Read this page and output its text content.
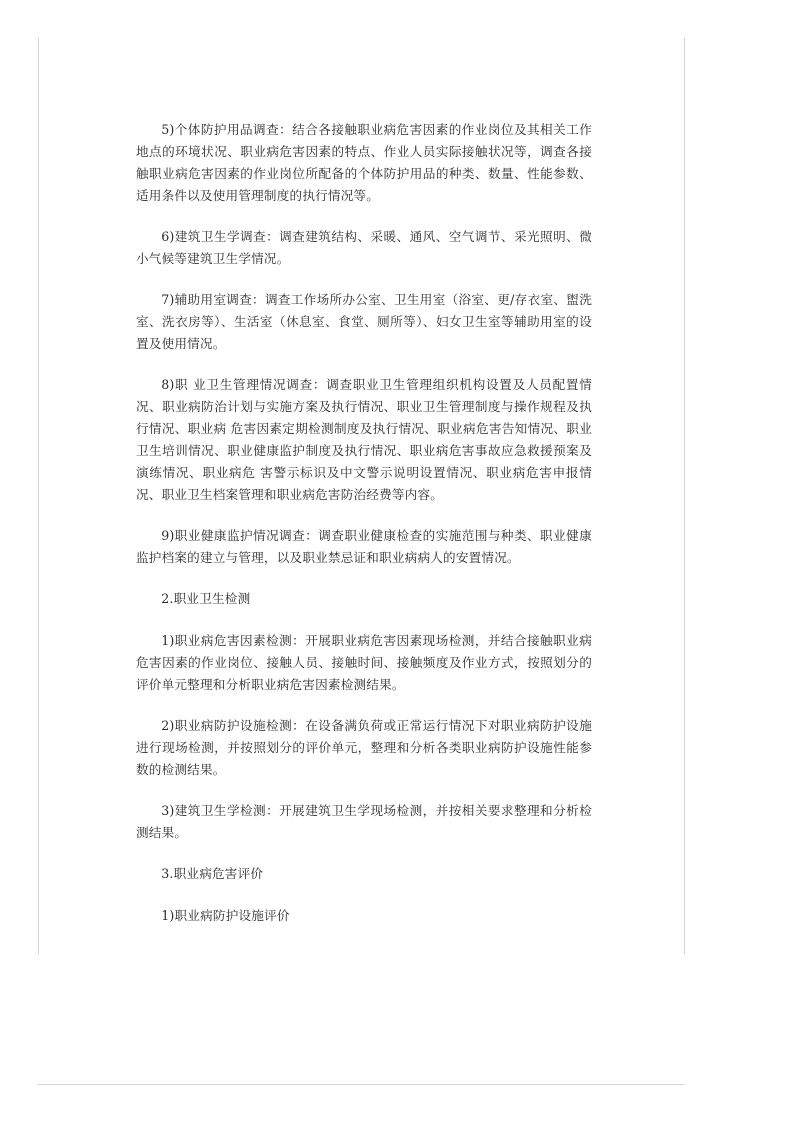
5)个体防护用品调查：结合各接触职业病危害因素的作业岗位及其相关工作地点的环境状况、职业病危害因素的特点、作业人员实际接触状况等，调查各接触职业病危害因素的作业岗位所配备的个体防护用品的种类、数量、性能参数、适用条件以及使用管理制度的执行情况等。

6)建筑卫生学调查：调查建筑结构、采暖、通风、空气调节、采光照明、微小气候等建筑卫生学情况。

7)辅助用室调查：调查工作场所办公室、卫生用室（浴室、更/存衣室、盥洗室、洗衣房等）、生活室（休息室、食堂、厕所等）、妇女卫生室等辅助用室的设置及使用情况。

8)职 业卫生管理情况调查：调查职业卫生管理组织机构设置及人员配置情况、职业病防治计划与实施方案及执行情况、职业卫生管理制度与操作规程及执行情况、职业病 危害因素定期检测制度及执行情况、职业病危害告知情况、职业卫生培训情况、职业健康监护制度及执行情况、职业病危害事故应急救援预案及演练情况、职业病危 害警示标识及中文警示说明设置情况、职业病危害申报情况、职业卫生档案管理和职业病危害防治经费等内容。

9)职业健康监护情况调查：调查职业健康检查的实施范围与种类、职业健康监护档案的建立与管理，以及职业禁忌证和职业病病人的安置情况。

2.职业卫生检测

1)职业病危害因素检测：开展职业病危害因素现场检测，并结合接触职业病危害因素的作业岗位、接触人员、接触时间、接触频度及作业方式，按照划分的评价单元整理和分析职业病危害因素检测结果。

2)职业病防护设施检测：在设备满负荷或正常运行情况下对职业病防护设施进行现场检测，并按照划分的评价单元，整理和分析各类职业病防护设施性能参数的检测结果。

3)建筑卫生学检测：开展建筑卫生学现场检测，并按相关要求整理和分析检测结果。

3.职业病危害评价

1)职业病防护设施评价
